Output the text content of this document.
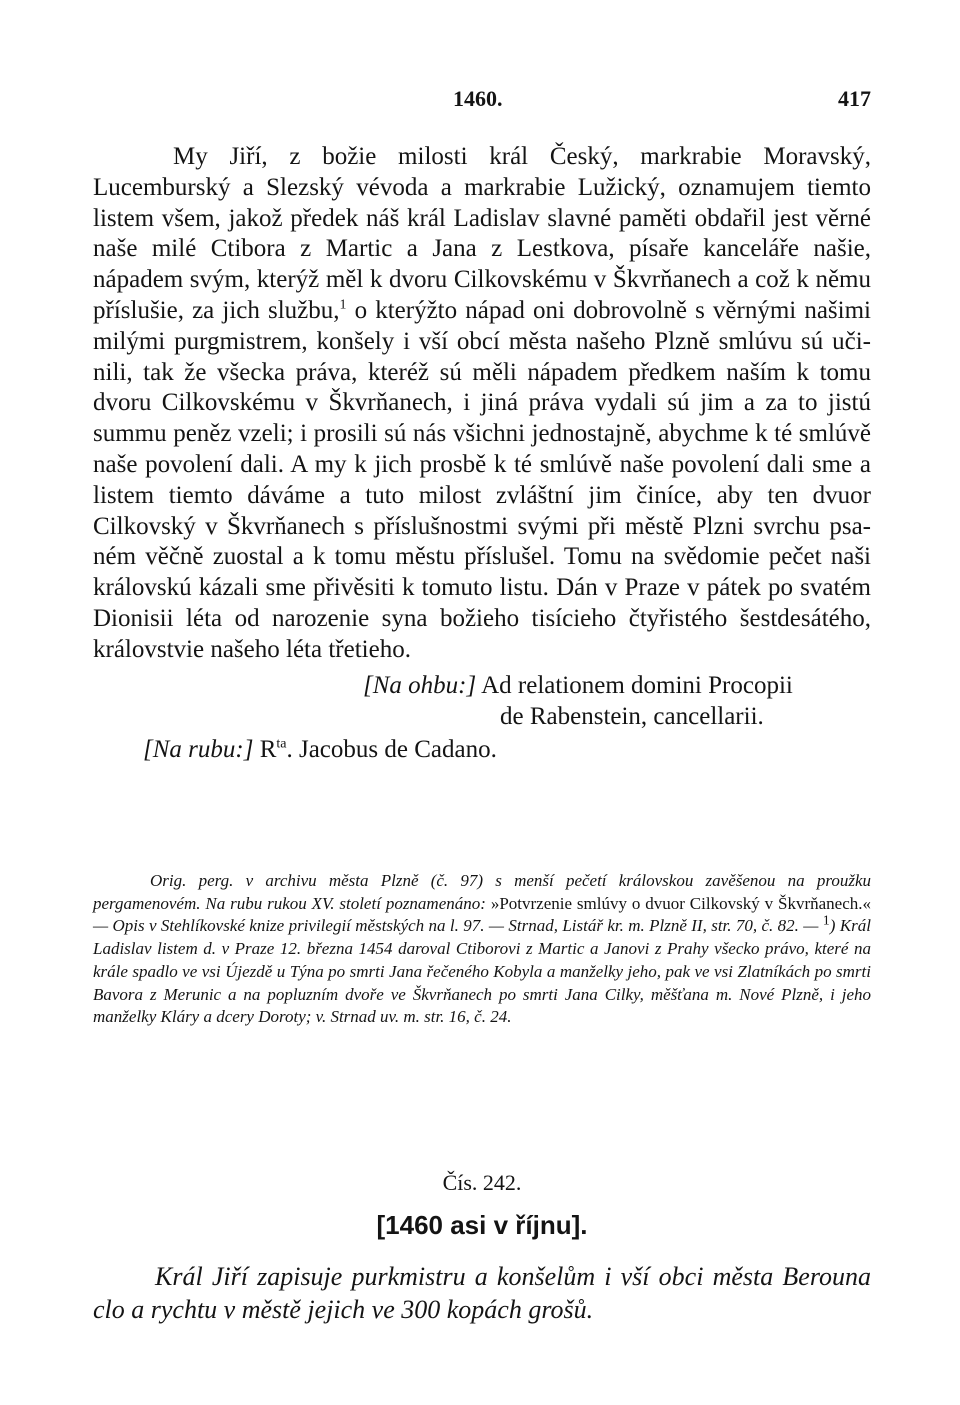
1460.	417

My Jiří, z božie milosti král Český, markrabie Moravský, Lucemburský a Slezský vévoda a markrabie Lužický, oznamujem tiemto listem všem, jakož předek náš král Ladislav slavné paměti obdařil jest věrné naše milé Ctibora z Martic a Jana z Lestkova, písaře kanceláře našie, nápadem svým, kterýž měl k dvoru Cilkovskému v Škvrňanech a což k němu příslušie, za jich službu,$^1$ o kterýžto nápad oni dobrovolně s věrnými našimi milými purgmistrem, konšely i vší obcí města našeho Plzně smlúvu sú učinili, tak že všecka práva, kteréž sú měli nápadem předkem naším k tomu dvoru Cilkovskému v Škvrňanech, i jiná práva vydali sú jim a za to jistú summu peněz vzeli; i prosili sú nás všichni jednostajně, abychme k té smlúvě naše povolení dali. A my k jich prosbě k té smlúvě naše povolení dali sme a listem tiemto dáváme a tuto milost zvláštní jim činíce, aby ten dvuor Cilkovský v Škvrňanech s příslušnostmi svými při městě Plzni svrchu psaném věčně zuostal a k tomu městu příslušel. Tomu na svědomie pečet naši královskú kázali sme přivěsiti k tomuto listu. Dán v Praze v pátek po svatém Dionisii léta od narozenie syna božieho tisícieho čtyřistého šestdesátého, královstvie našeho léta třetieho.

[Na ohbu:] Ad relationem domini Procopii
de Rabenstein, cancellarii.
[Na rubu:] $R^{ta}$. Jacobus de Cadano.

Orig. perg. v archivu města Plzně (č. 97) s menší pečetí královskou zavěšenou na proužku pergamenovém. Na rubu rukou XV. století poznamenáno: »Potvrzenie smlúvy o dvuor Cilkovský v Škvrňanech.« — Opis v Stehlíkovské knize privilegií městských na l. 97. — Strnad, Listář kr. m. Plzně II, str. 70, č. 82. — $^1$) Král Ladislav listem d. v Praze 12. března 1454 daroval Ctiborovi z Martic a Janovi z Prahy všecko právo, které na krále spadlo ve vsi Újezdě u Týna po smrti Jana řečeného Kobyla a manželky jeho, pak ve vsi Zlatníkách po smrti Bavora z Merunic a na popluzním dvoře ve Škvrňanech po smrti Jana Cilky, měšťana m. Nové Plzně, i jeho manželky Kláry a dcery Doroty; v. Strnad uv. m. str. 16, č. 24.

Čís. 242.
[1460 asi v říjnu].

Král Jiří zapisuje purkmistru a konšelům i vší obci města Berouna clo a rychtu v městě jejich ve 300 kopách grošů.
